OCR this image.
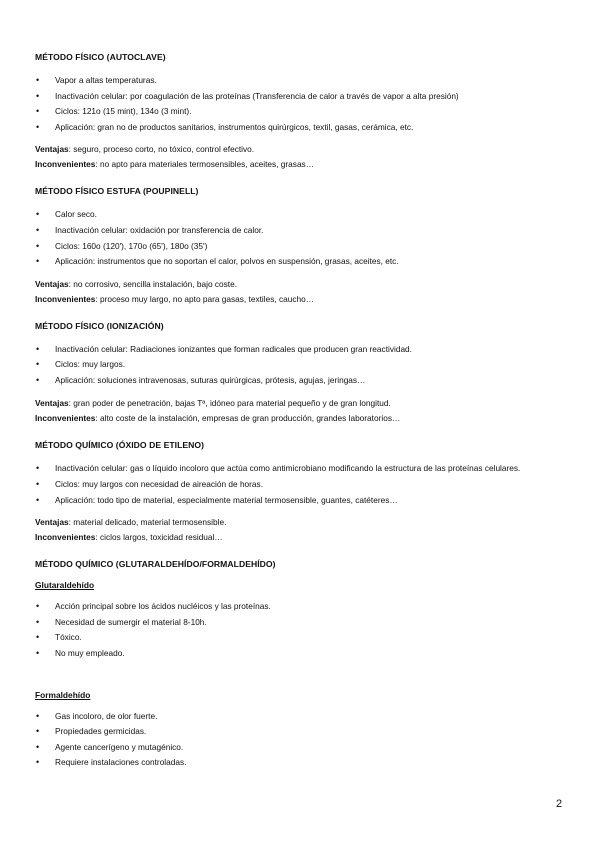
MÉTODO FÍSICO (AUTOCLAVE)
• Vapor a altas temperaturas.
• Inactivación celular: por coagulación de las proteínas (Transferencia de calor a través de vapor a alta presión)
• Ciclos: 121o (15 mint), 134o (3 mint).
• Aplicación: gran no de productos sanitarios, instrumentos quirúrgicos, textil, gasas, cerámica, etc.

Ventajas: seguro, proceso corto, no tóxico, control efectivo.

Inconvenientes: no apto para materiales termosensibles, aceites, grasas…

MÉTODO FÍSICO ESTUFA (POUPINELL)
• Calor seco.
• Inactivación celular: oxidación por transferencia de calor.
• Ciclos: 160o (120'), 170o (65'), 180o (35')
• Aplicación: instrumentos que no soportan el calor, polvos en suspensión, grasas, aceites, etc.

Ventajas: no corrosivo, sencilla instalación, bajo coste.

Inconvenientes: proceso muy largo, no apto para gasas, textiles, caucho…

MÉTODO FÍSICO (IONIZACIÓN)
• Inactivación celular: Radiaciones ionizantes que forman radicales que producen gran reactividad.
• Ciclos: muy largos.
• Aplicación: soluciones intravenosas, suturas quirúrgicas, prótesis, agujas, jeringas…

Ventajas: gran poder de penetración, bajas Tª, idóneo para material pequeño y de gran longitud.

Inconvenientes: alto coste de la instalación, empresas de gran producción, grandes laboratorios…

MÉTODO QUÍMICO (ÓXIDO DE ETILENO)
• Inactivación celular: gas o líquido incoloro que actúa como antimicrobiano modificando la estructura de las proteínas celulares.
• Ciclos: muy largos con necesidad de aireación de horas.
• Aplicación: todo tipo de material, especialmente material termosensible, guantes, catéteres…

Ventajas: material delicado, material termosensible.

Inconvenientes: ciclos largos, toxicidad residual…

MÉTODO QUÍMICO (GLUTARALDEHÍDO/FORMALDEHÍDO)
Glutaraldehído
• Acción principal sobre los ácidos nucléicos y las proteínas.
• Necesidad de sumergir el material 8-10h.
• Tóxico.
• No muy empleado.
Formaldehído
• Gas incoloro, de olor fuerte.
• Propiedades germicidas.
• Agente cancerígeno y mutagénico.
• Requiere instalaciones controladas.
2
